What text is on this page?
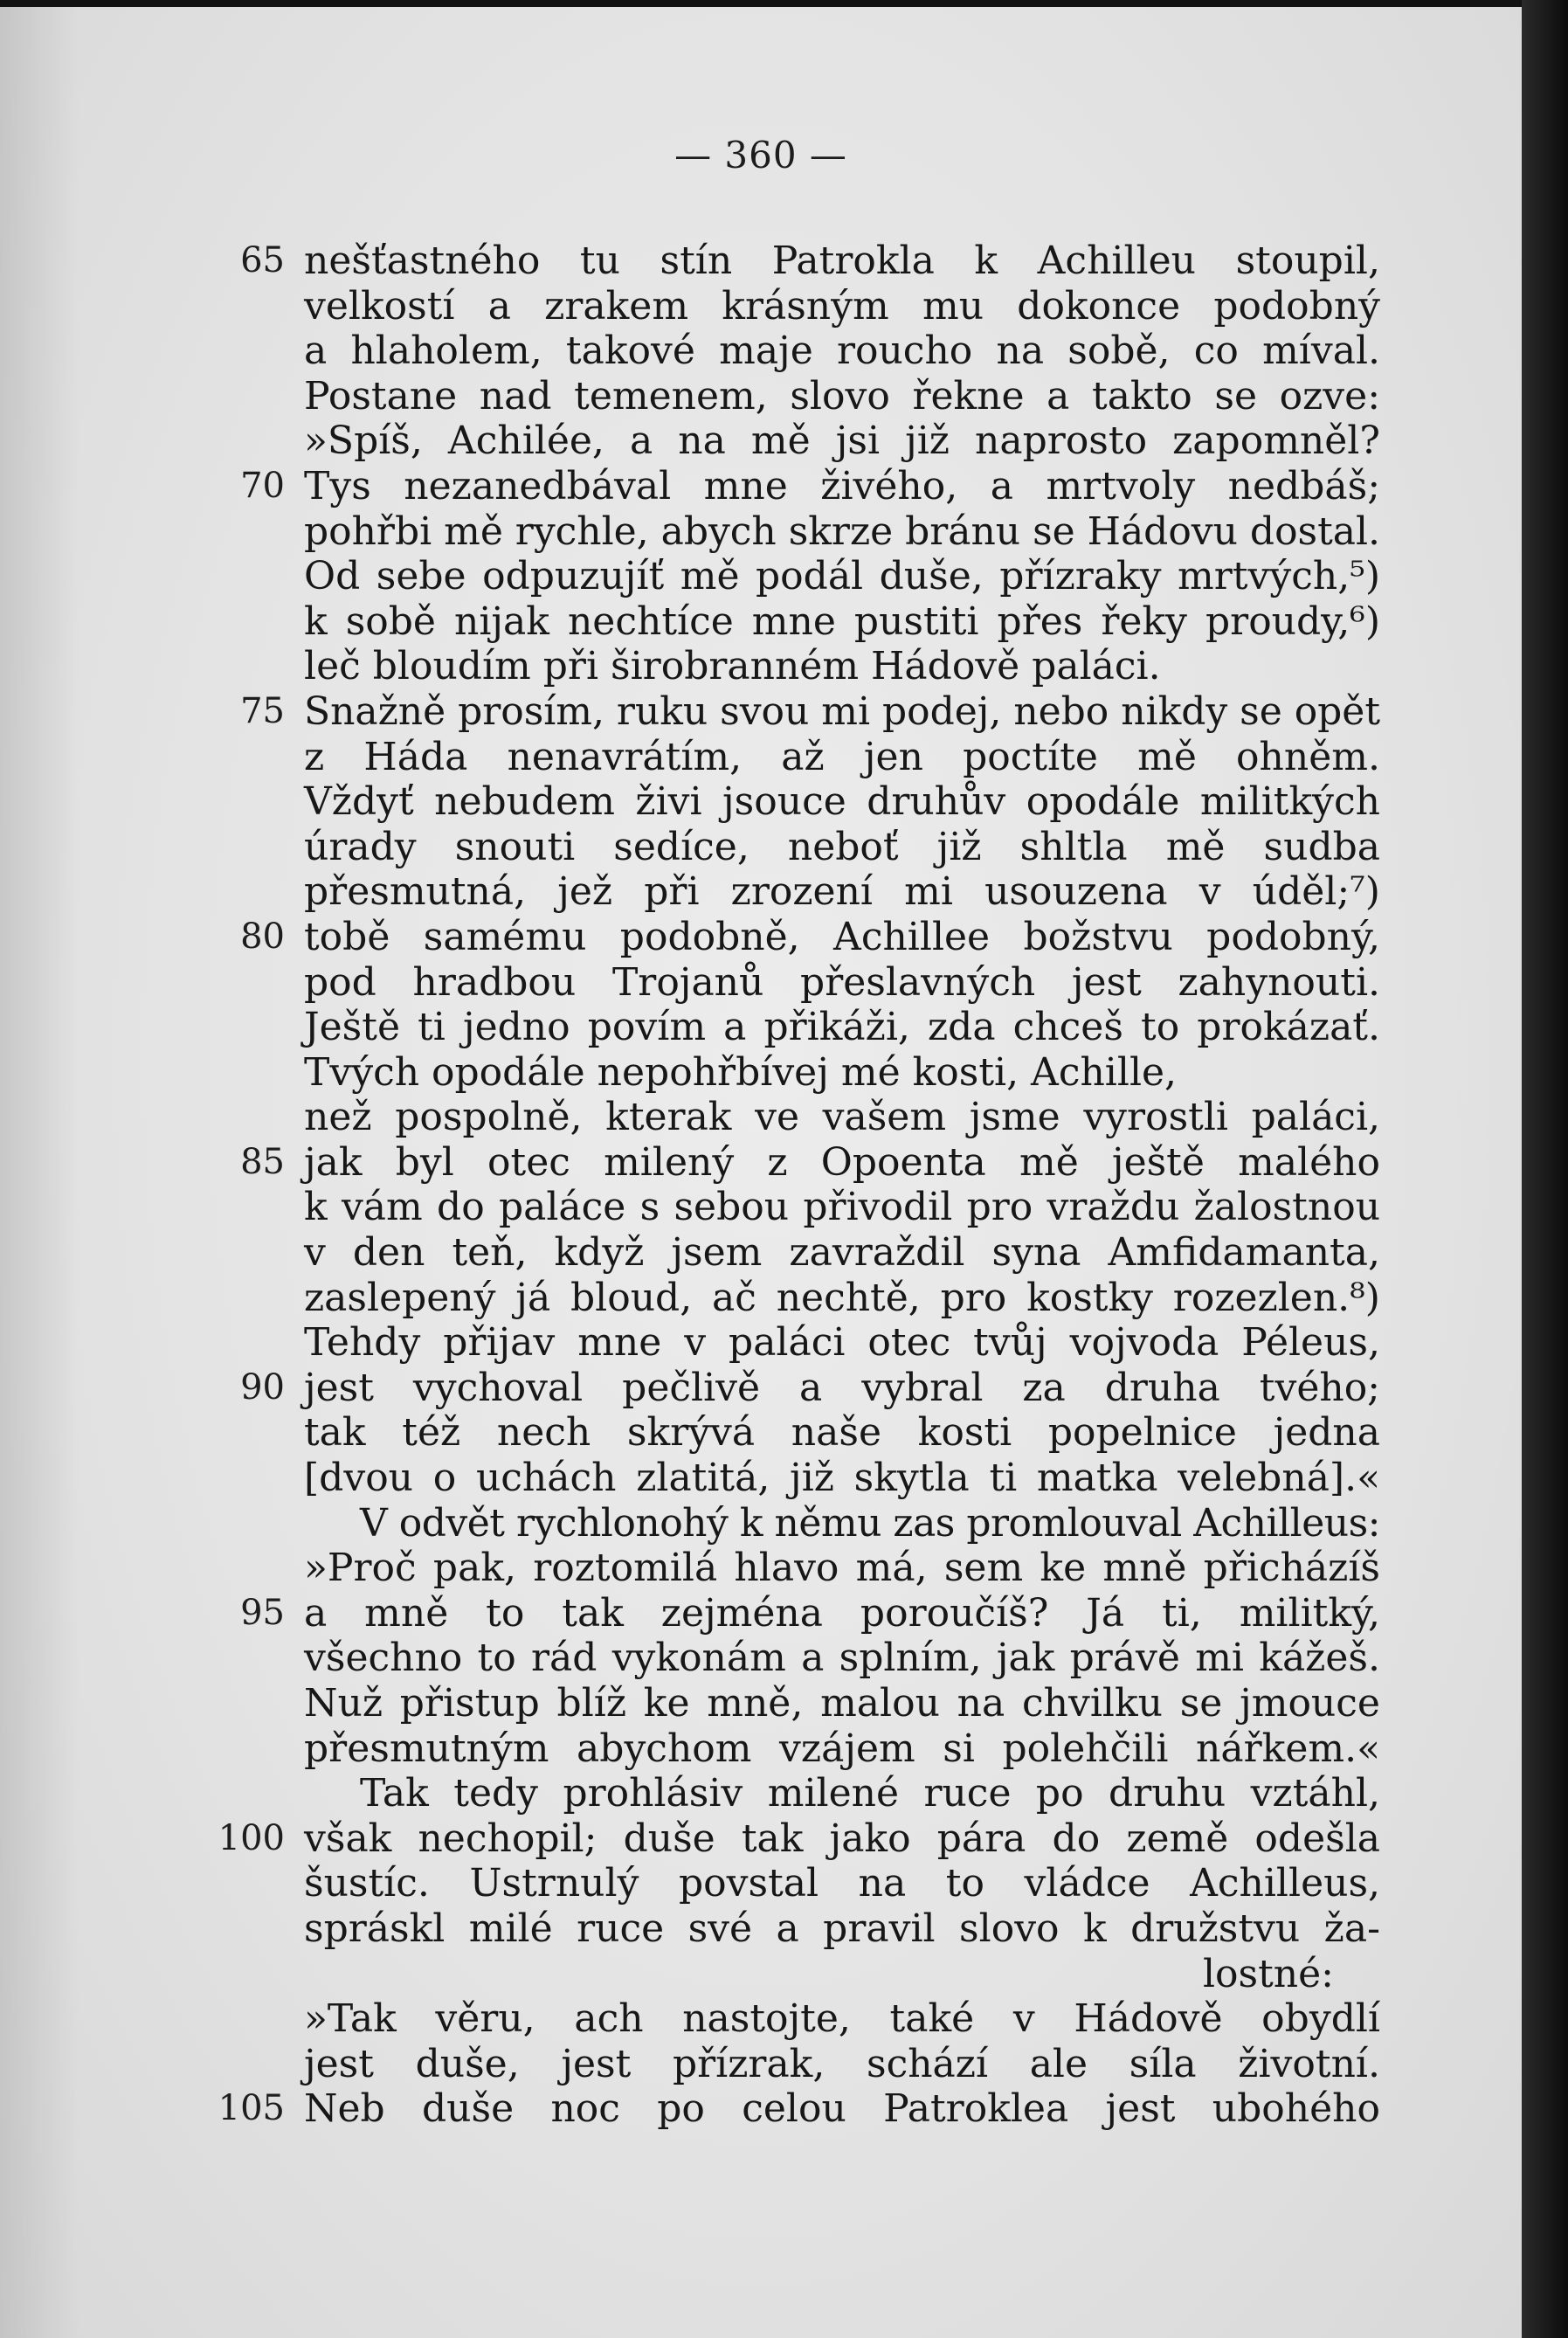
— 360 —
65 nešťastného tu stín Patrokla k Achilleu stoupil,
velkostí a zrakem krásným mu dokonce podobný
a hlaholem, takové maje roucho na sobě, co míval.
Postane nad temenem, slovo řekne a takto se ozve:
»Spíš, Achilée, a na mě jsi již naprosto zapomněl?
70 Tys nezanedbával mne živého, a mrtvoly nedbáš;
pohřbi mě rychle, abych skrze bránu se Hádovu dostal.
Od sebe odpuzujíť mě podál duše, přízraky mrtvých,⁵)
k sobě nijak nechtíce mne pustiti přes řeky proudy,⁶)
leč bloudím při širobranném Hádově paláci.
75 Snažně prosím, ruku svou mi podej, nebo nikdy se opět
z Háda nenavrátím, až jen poctíte mě ohněm.
Vždyť nebudem živi jsouce druhův opodále militkých
úrady snouti sedíce, neboť již shltla mě sudba
přesmutná, jež při zrození mi usouzena v úděl;⁷)
80 tobě samému podobně, Achillee božstvu podobný,
pod hradbou Trojanů přeslavných jest zahynouti.
Ještě ti jedno povím a přikáži, zda chceš to prokázať.
Tvých opodále nepohřbívej mé kosti, Achille,
než pospolně, kterak ve vašem jsme vyrostli paláci,
85 jak byl otec milený z Opoenta mě ještě malého
k vám do paláce s sebou přivodil pro vraždu žalostnou
v den teň, když jsem zavraždil syna Amfidamanta,
zaslepený já bloud, ač nechtě, pro kostky rozezlen.⁸)
Tehdy přijav mne v paláci otec tvůj vojvoda Péleus,
90 jest vychoval pečlivě a vybral za druha tvého;
tak též nech skrývá naše kosti popelnice jedna
[dvou o uchách zlatitá, již skytla ti matka velebná].«
V odvět rychlonohý k němu zas promlouval Achilleus:
»Proč pak, roztomilá hlavo má, sem ke mně přicházíš
95 a mně to tak zejména poroučíš? Já ti, militký,
všechno to rád vykonám a splním, jak právě mi kážeš.
Nuž přistup blíž ke mně, malou na chvilku se jmouce
přesmutným abychom vzájem si polehčili nářkem.«
Tak tedy prohlásiv milené ruce po druhu vztáhl,
100 však nechopil; duše tak jako pára do země odešla
šustíc. Ustrnulý povstal na to vládce Achilleus,
spráskl milé ruce své a pravil slovo k družstvu ža-
lostné:
»Tak věru, ach nastojte, také v Hádově obydlí
jest duše, jest přízrak, schází ale síla životní.
105 Neb duše noc po celou Patroklea jest ubohého
